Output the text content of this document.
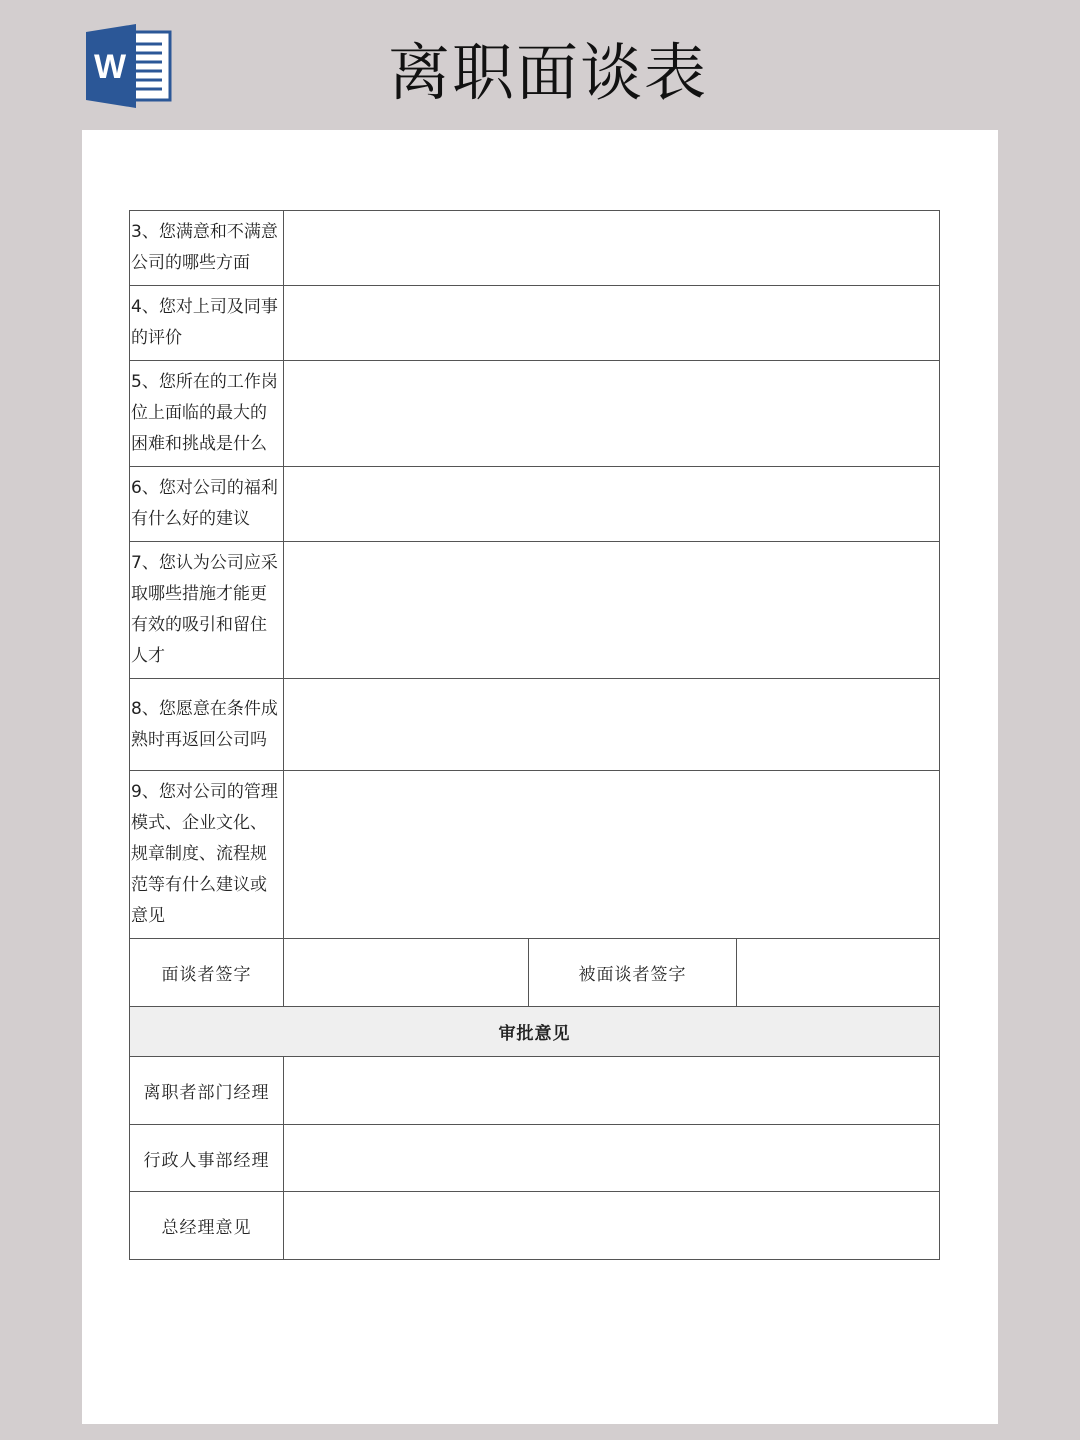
W	离职面谈表
3、您满意和不满意公司的哪些方面			
4、您对上司及同事的评价			
5、您所在的工作岗位上面临的最大的困难和挑战是什么			
6、您对公司的福利有什么好的建议			
7、您认为公司应采取哪些措施才能更有效的吸引和留住人才			
8、您愿意在条件成熟时再返回公司吗			
9、您对公司的管理模式、企业文化、规章制度、流程规范等有什么建议或意见			
面谈者签字		被面谈者签字	
审批意见			
离职者部门经理			
行政人事部经理			
总经理意见			
